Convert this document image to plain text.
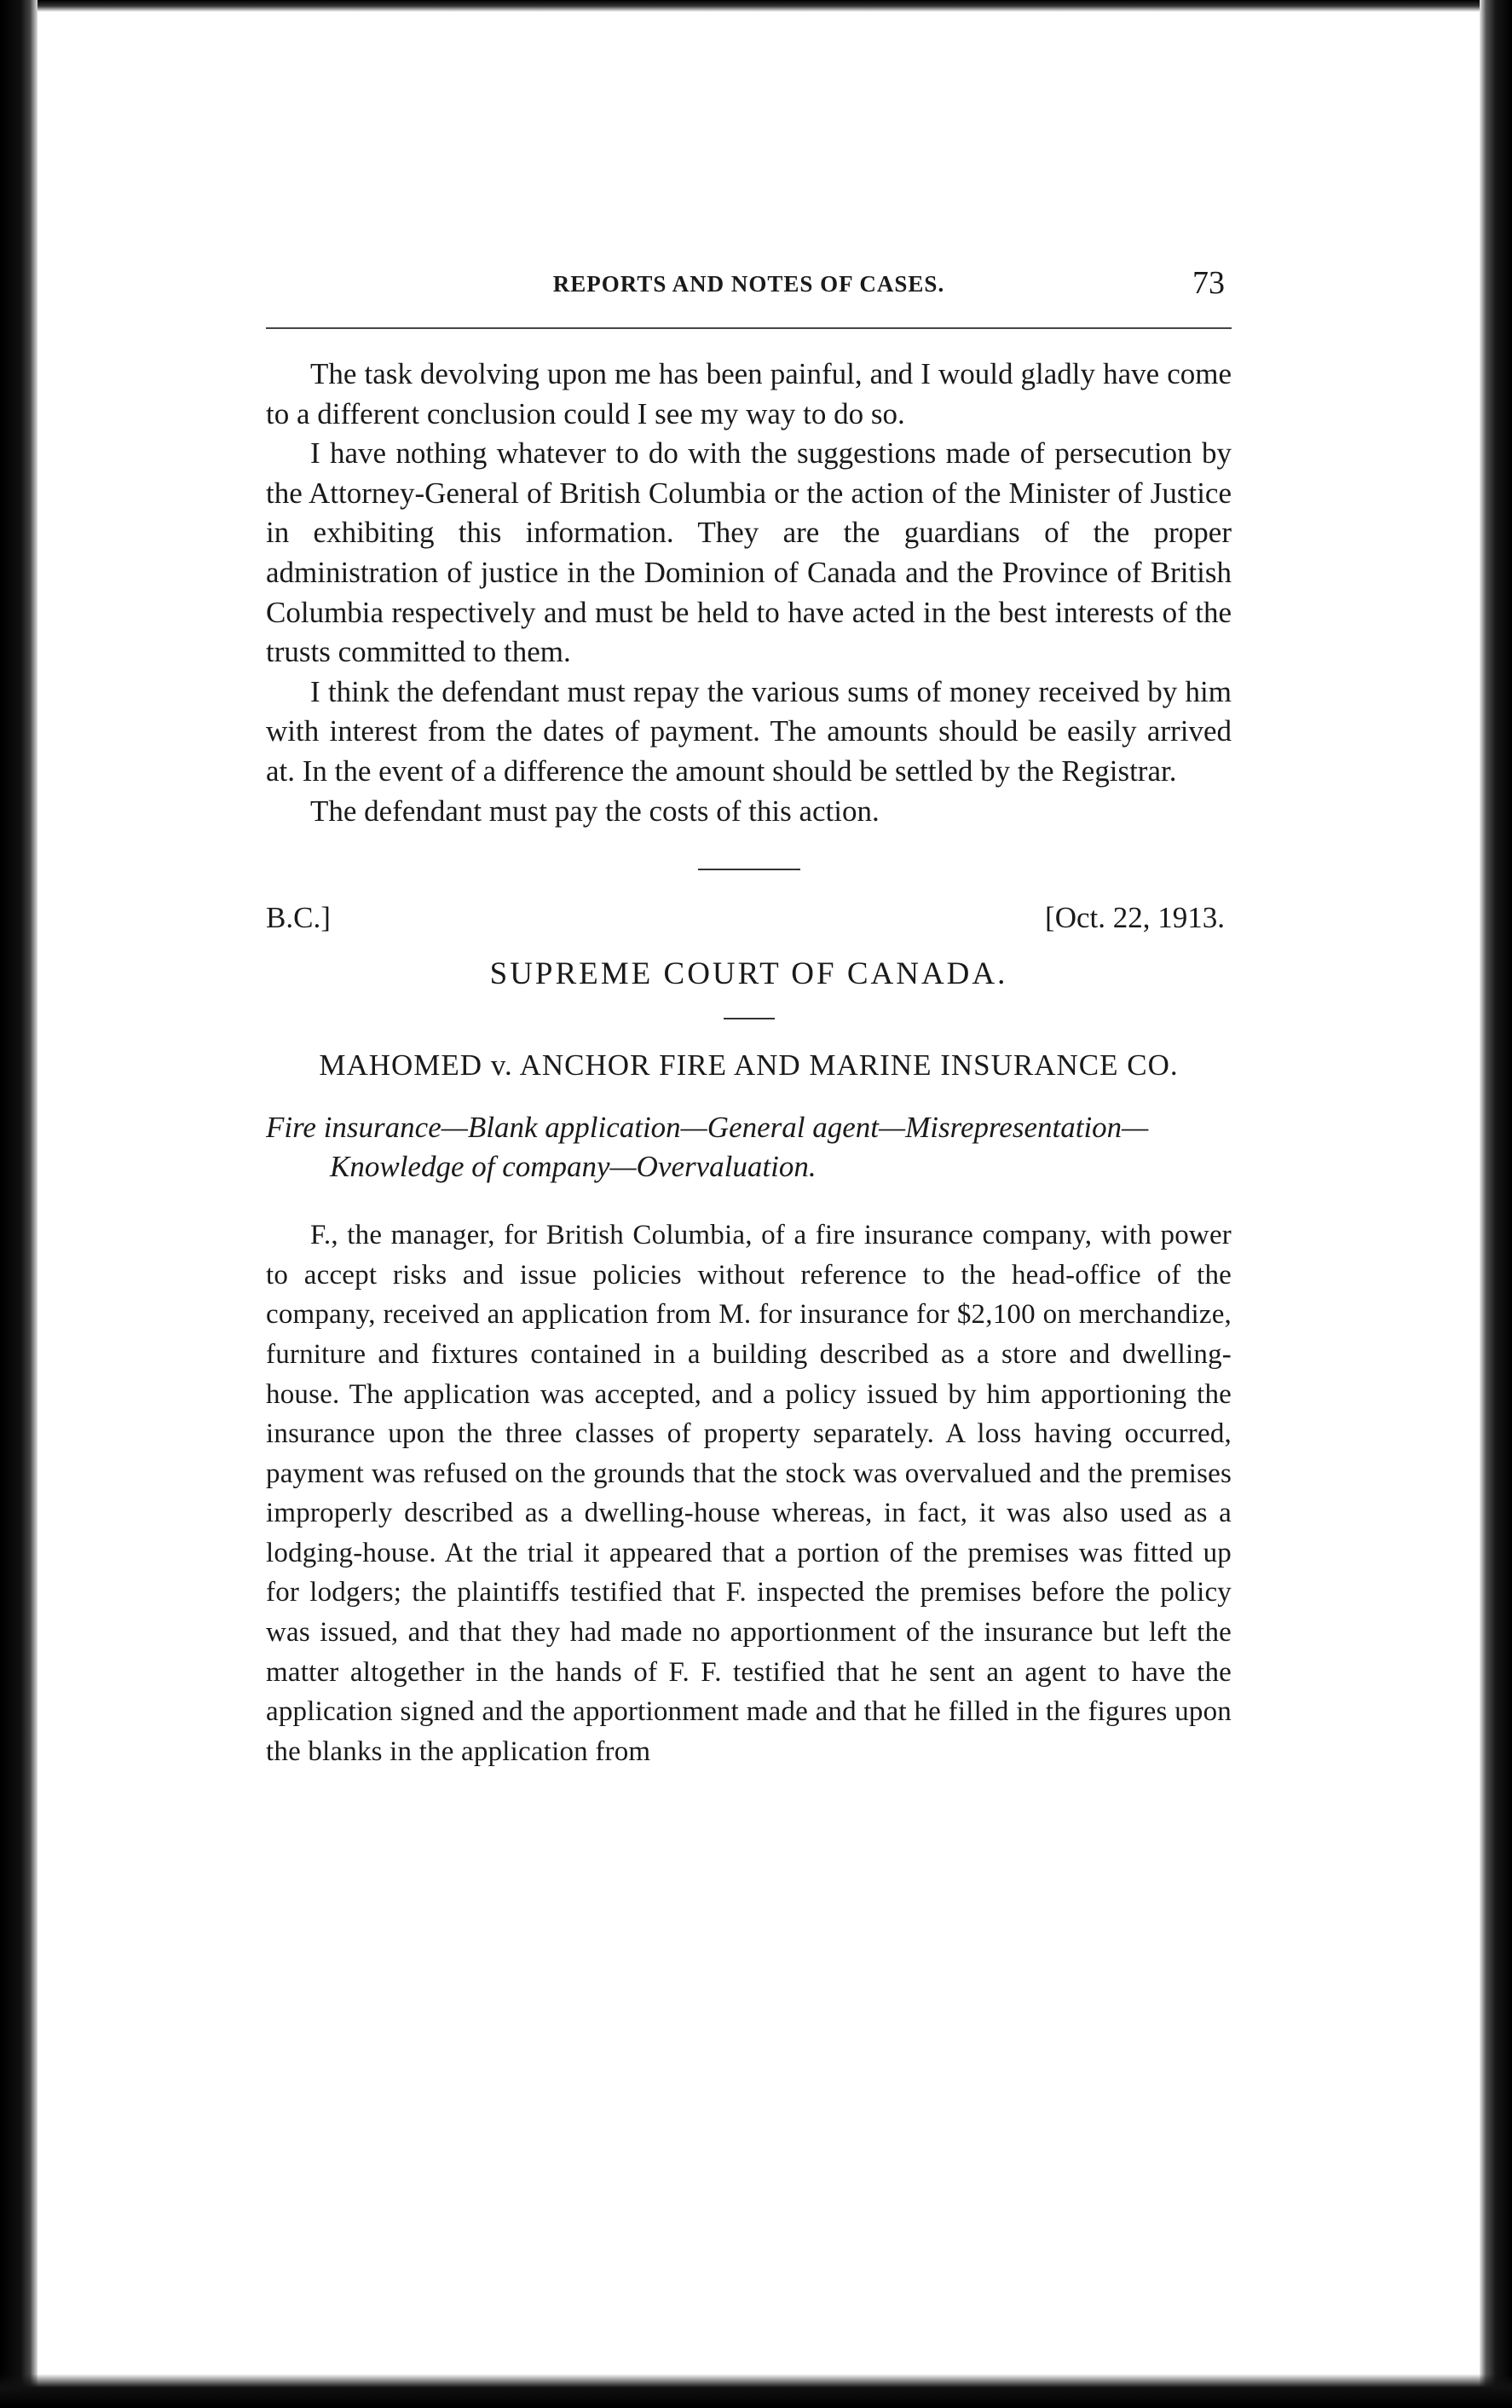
REPORTS AND NOTES OF CASES.	73

The task devolving upon me has been painful, and I would gladly have come to a different conclusion could I see my way to do so.

I have nothing whatever to do with the suggestions made of persecution by the Attorney-General of British Columbia or the action of the Minister of Justice in exhibiting this information. They are the guardians of the proper administration of justice in the Dominion of Canada and the Province of British Columbia respectively and must be held to have acted in the best interests of the trusts committed to them.

I think the defendant must repay the various sums of money received by him with interest from the dates of payment. The amounts should be easily arrived at. In the event of a difference the amount should be settled by the Registrar.

The defendant must pay the costs of this action.

B.C.]	[Oct. 22, 1913.
SUPREME COURT OF CANADA.
MAHOMED v. ANCHOR FIRE AND MARINE INSURANCE CO.
Fire insurance—Blank application—General agent—Misrepresentation—Knowledge of company—Overvaluation.

F., the manager, for British Columbia, of a fire insurance company, with power to accept risks and issue policies without reference to the head-office of the company, received an application from M. for insurance for $2,100 on merchandize, furniture and fixtures contained in a building described as a store and dwelling-house. The application was accepted, and a policy issued by him apportioning the insurance upon the three classes of property separately. A loss having occurred, payment was refused on the grounds that the stock was overvalued and the premises improperly described as a dwelling-house whereas, in fact, it was also used as a lodging-house. At the trial it appeared that a portion of the premises was fitted up for lodgers; the plaintiffs testified that F. inspected the premises before the policy was issued, and that they had made no apportionment of the insurance but left the matter altogether in the hands of F. F. testified that he sent an agent to have the application signed and the apportionment made and that he filled in the figures upon the blanks in the application from
